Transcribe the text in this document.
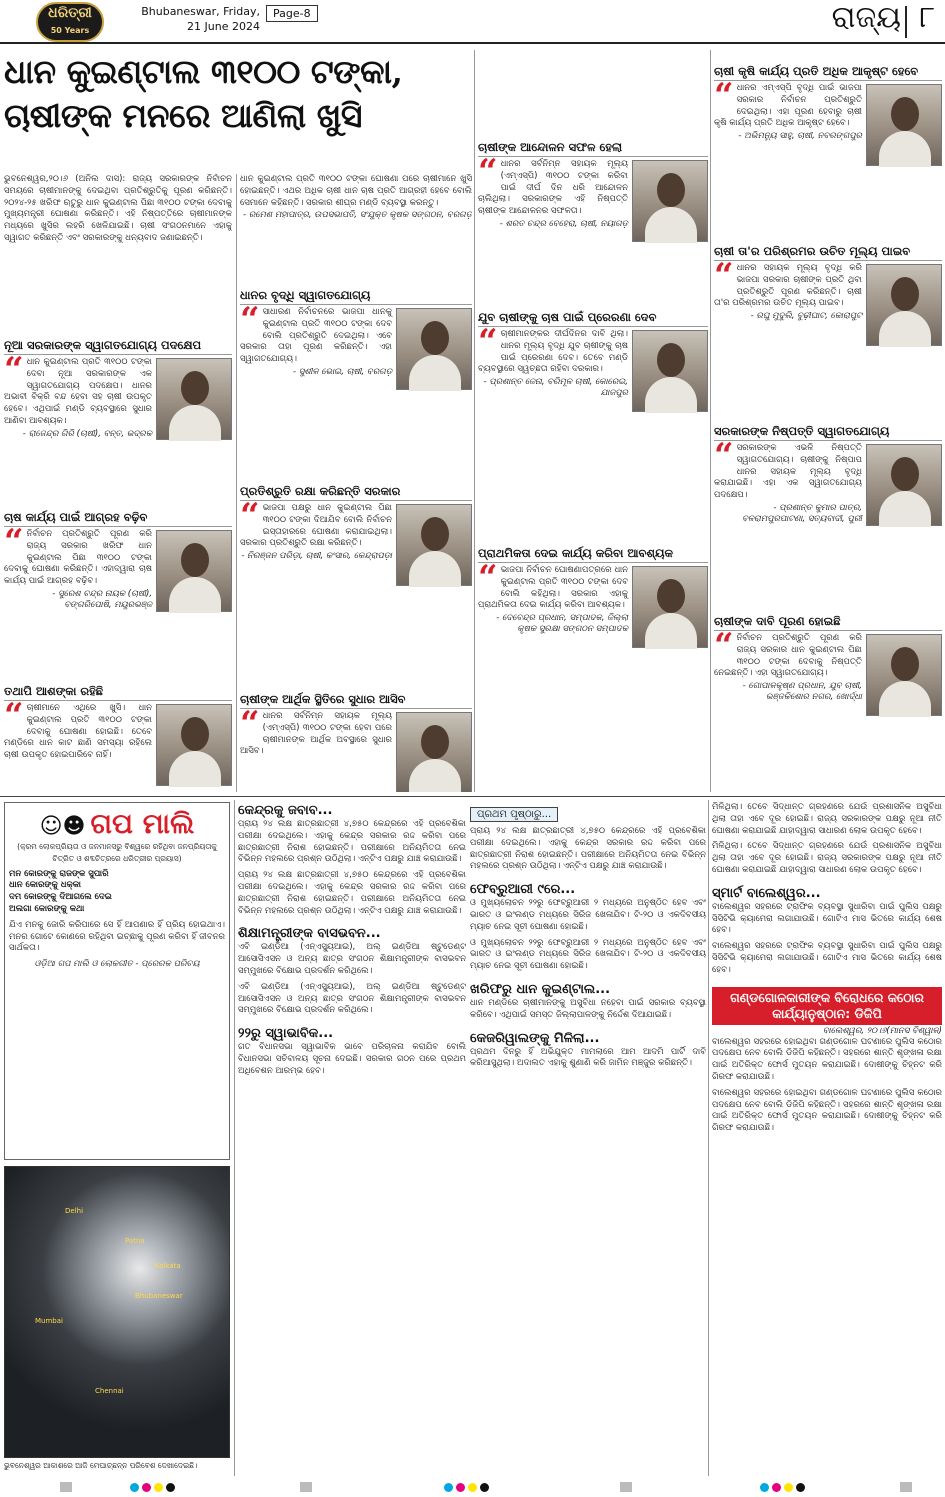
ଧରିତ୍ରୀ
50 Years
Bhubaneswar, Friday,
21 June 2024
Page-8	ରାଜ୍ୟ ୮
ଧାନ କୁଇଣ୍ଟାଲ ୩୧୦୦ ଟଙ୍କା,
ଚାଷୀଙ୍କ ମନରେ ଆଣିଲା ଖୁସି
ଭୁବନେଶ୍ୱର,୨୦।୬ (ଅନିଲ ଦାସ): ରାଜ୍ୟ ସରକାରଙ୍କ ନିର୍ବାଚନ ସମୟରେ ଚାଷୀମାନଙ୍କୁ ଦେଇଥିବା ପ୍ରତିଶ୍ରୁତିକୁ ପୂରଣ କରିଛନ୍ତି। ୨୦୨୪-୨୫ ଖରିଫ ଋତୁରୁ ଧାନ କୁଇଣ୍ଟାଲ ପିଛା ୩୧୦୦ ଟଙ୍କା ଦେବାକୁ ମୁଖ୍ୟମନ୍ତ୍ରୀ ଘୋଷଣା କରିଛନ୍ତି। ଏହି ନିଷ୍ପତ୍ତିରେ ଚାଷୀମାନଙ୍କ ମଧ୍ୟରେ ଖୁସିର ଲହରି ଖେଳିଯାଇଛି। ଚାଷୀ ସଂଗଠନମାନେ ଏହାକୁ ସ୍ୱାଗତ କରିଛନ୍ତି ଏବଂ ସରକାରଙ୍କୁ ଧନ୍ୟବାଦ ଜଣାଇଛନ୍ତି।
ଧାନ କୁଇଣ୍ଟାଲ ପ୍ରତି ୩୧୦୦ ଟଙ୍କା ଘୋଷଣା ପରେ ଚାଷୀମାନେ ଖୁସି ହୋଇଛନ୍ତି। ଏଥର ଅଧିକ ଚାଷୀ ଧାନ ଚାଷ ପ୍ରତି ଆଗ୍ରହୀ ହେବେ ବୋଲି ସେମାନେ କହିଛନ୍ତି। ସରକାର ଶୀଘ୍ର ମଣ୍ଡି ବ୍ୟବସ୍ଥା କରନ୍ତୁ।
- ରମେଶ ମହାପାତ୍ର, ଉପସଭାପତି, ସଂଯୁକ୍ତ କୃଷକ ସଙ୍ଗଠନ, ବରଗଡ଼
ନୂଆ ସରକାରଙ୍କ ସ୍ୱାଗତଯୋଗ୍ୟ ପଦକ୍ଷେପ
“ ଧାନ କୁଇଣ୍ଟାଲ ପ୍ରତି ୩୧୦୦ ଟଙ୍କା ଦେବା ନୂଆ ସରକାରଙ୍କ ଏକ ସ୍ୱାଗତଯୋଗ୍ୟ ପଦକ୍ଷେପ। ଧାନର ଅଭାବୀ ବିକ୍ରି ବନ୍ଦ ହେବା ସହ ଚାଷୀ ଉପକୃତ ହେବେ। ଏଥିପାଇଁ ମଣ୍ଡି ବ୍ୟବସ୍ଥାରେ ସୁଧାର ଆଣିବା ଆବଶ୍ୟକ।
- ରାଜେନ୍ଦ୍ର ଗିରି (ଚାଷୀ), ବନ୍ତ, ଭଦ୍ରକ
ଚାଷ କାର୍ଯ୍ୟ ପାଇଁ ଆଗ୍ରହ ବଢ଼ିବ
“ ନିର୍ବାଚନ ପ୍ରତିଶ୍ରୁତି ପୂରଣ କରି ରାଜ୍ୟ ସରକାର ଖରିଫ ଧାନ କୁଇଣ୍ଟାଲ ପିଛା ୩୧୦୦ ଟଙ୍କା ଦେବାକୁ ଘୋଷଣା କରିଛନ୍ତି। ଏହାଦ୍ୱାରା ଚାଷ କାର୍ଯ୍ୟ ପାଇଁ ଆଗ୍ରହ ବଢ଼ିବ।
- ସୁରେଶ ଚନ୍ଦ୍ର ନାୟକ (ଚାଷୀ), ବଙ୍ଗରିପୋଷି, ମୟୂରଭଞ୍ଜ
ତଥାପି ଆଶଙ୍କା ରହିଛି
“ ଚାଷୀମାନେ ଏଥିରେ ଖୁସି। ଧାନ କୁଇଣ୍ଟାଲ ପ୍ରତି ୩୧୦୦ ଟଙ୍କା ଦେବାକୁ ଘୋଷଣା ହୋଇଛି। ତେବେ ମଣ୍ଡିରେ ଧାନ କାଟ ଛାଣି ସମସ୍ୟା ରହିଲେ ଚାଷୀ ଉପକୃତ ହୋଇପାରିବେ ନାହିଁ।
ଧାନର ବୃଦ୍ଧି ସ୍ୱାଗତଯୋଗ୍ୟ
“ ସାଧାରଣ ନିର୍ବାଚନରେ ଭାଜପା ଧାନକୁ କୁଇଣ୍ଟାଲ ପ୍ରତି ୩୧୦୦ ଟଙ୍କା ଦେବ ବୋଲି ପ୍ରତିଶ୍ରୁତି ଦେଇଥିଲା। ଏବେ ସରକାର ତାହା ପୂରଣ କରିଛନ୍ତି। ଏହା ସ୍ୱାଗତଯୋଗ୍ୟ।
- ସୁଶୀଳ ଭୋଇ, ଚାଷୀ, ବରଗଡ଼
ପ୍ରତିଶ୍ରୁତି ରକ୍ଷା କରିଛନ୍ତି ସରକାର
“ ଭାଜପା ପକ୍ଷରୁ ଧାନ କୁଇଣ୍ଟାଲ ପିଛା ୩୧୦୦ ଟଙ୍କା ଦିଆଯିବ ବୋଲି ନିର୍ବାଚନ ଇସ୍ତାହାରରେ ଘୋଷଣା କରାଯାଇଥିଲା। ସରକାର ପ୍ରତିଶ୍ରୁତି ରକ୍ଷା କରିଛନ୍ତି।
- ନିରଞ୍ଜନ ପରିଡ଼ା, ଚାଷୀ, କଂସାର, କେନ୍ଦ୍ରାପଡ଼ା
ଚାଷୀଙ୍କ ଆର୍ଥିକ ସ୍ଥିତିରେ ସୁଧାର ଆସିବ
“ ଧାନର ସର୍ବନିମ୍ନ ସହାୟକ ମୂଲ୍ୟ (ଏମ୍ଏସ୍ପି) ୩୧୦୦ ଟଙ୍କା ହେବା ପରେ ଚାଷୀମାନଙ୍କ ଆର୍ଥିକ ଅବସ୍ଥାରେ ସୁଧାର ଆସିବ।
ଚାଷୀଙ୍କ ଆନ୍ଦୋଳନ ସଫଳ ହେଲା
“ ଧାନର ସର୍ବନିମ୍ନ ସହାୟକ ମୂଲ୍ୟ (ଏମ୍ଏସ୍ପି) ୩୧୦୦ ଟଙ୍କା କରିବା ପାଇଁ ଦୀର୍ଘ ଦିନ ଧରି ଆନ୍ଦୋଳନ ଚାଲିଥିଲା। ସରକାରଙ୍କ ଏହି ନିଷ୍ପତ୍ତି ଚାଷୀଙ୍କ ଆନ୍ଦୋଳନର ସଫଳତା।
- ଶରତ ଚନ୍ଦ୍ର ବେହେରା, ଚାଷୀ, ନୟାଗଡ଼
ଯୁବ ଚାଷୀଙ୍କୁ ଚାଷ ପାଇଁ ପ୍ରେରଣା ଦେବ
“ ଚାଷୀମାନଙ୍କର ଦୀର୍ଘଦିନର ଦାବି ଥିଲା। ଧାନର ମୂଲ୍ୟ ବୃଦ୍ଧି ଯୁବ ଚାଷୀଙ୍କୁ ଚାଷ ପାଇଁ ପ୍ରେରଣା ଦେବ। ତେବେ ମଣ୍ଡି ବ୍ୟବସ୍ଥାରେ ସ୍ୱଚ୍ଛତା ରହିବା ଦରକାର।
- ପ୍ରଶାନ୍ତ ଜେନା, ବରିମୂଳ ଚାଷୀ, କୋରେଇ, ଯାଜପୁର
ପ୍ରାଥମିକତା ଦେଇ କାର୍ଯ୍ୟ କରିବା ଆବଶ୍ୟକ
“ ଭାଜପା ନିର୍ବାଚନ ଘୋଷଣାପତ୍ରରେ ଧାନ କୁଇଣ୍ଟାଲ ପ୍ରତି ୩୧୦୦ ଟଙ୍କା ଦେବ ବୋଲି କହିଥିଲା। ସରକାର ଏହାକୁ ପ୍ରାଥମିକତା ଦେଇ କାର୍ଯ୍ୟ କରିବା ଆବଶ୍ୟକ।
- ଦେବେନ୍ଦ୍ର ପ୍ରଧାନ, ସମ୍ପାଦକ, ଜିଲ୍ଲା କୃଷକ ସୁରକ୍ଷା ସଙ୍ଗଠନ ସମ୍ପାଦକ
ଚାଷୀ କୃଷି କାର୍ଯ୍ୟ ପ୍ରତି ଅଧିକ ଆକୃଷ୍ଟ ହେବେ
“ ଧାନର ଏମ୍ଏସ୍ପି ବୃଦ୍ଧି ପାଇଁ ଭାଜପା ସରକାର ନିର୍ବାଚନ ପ୍ରତିଶ୍ରୁତି ଦେଇଥିଲା। ଏହା ପୂରଣ ହେବାରୁ ଚାଷୀ କୃଷି କାର୍ଯ୍ୟ ପ୍ରତି ଅଧିକ ଆକୃଷ୍ଟ ହେବେ।
- ଅଭିମନ୍ୟୁ ସାହୁ, ଚାଷୀ, ନବରଙ୍ଗପୁର
ଚାଷୀ ତା'ର ପରିଶ୍ରମର ଉଚିତ ମୂଲ୍ୟ ପାଇବ
“ ଧାନର ସହାୟକ ମୂଲ୍ୟ ବୃଦ୍ଧି କରି ଭାଜପା ସରକାର ଚାଷୀଙ୍କ ପ୍ରତି ଥିବା ପ୍ରତିଶ୍ରୁତି ପୂରଣ କରିଛନ୍ତି। ଚାଷୀ ତା'ର ପରିଶ୍ରମର ଉଚିତ ମୂଲ୍ୟ ପାଇବ।
- ରଘୁ ମୁଦୁଲି, ବୁଢ଼ୀଘାଟ, କୋରାପୁଟ
ସରକାରଙ୍କ ନିଷ୍ପତ୍ତି ସ୍ୱାଗତଯୋଗ୍ୟ
“ ସରକାରଙ୍କ ଏଭଳି ନିଷ୍ପତ୍ତି ସ୍ୱାଗତଯୋଗ୍ୟ। ଚାଷୀଙ୍କୁ ନିଷ୍ପାପ ଧାନର ସହାୟକ ମୂଲ୍ୟ ବୃଦ୍ଧି କରାଯାଇଛି। ଏହା ଏକ ସ୍ୱାଗତଯୋଗ୍ୟ ପଦକ୍ଷେପ।
- ପ୍ରଶାନ୍ତ କୁମାର ପାତ୍ର, ବଳରାମପୁରପାଟଣା, ସତ୍ୟବାଦୀ, ପୁରୀ
ଚାଷୀଙ୍କ ଦାବି ପୂରଣ ହୋଇଛି
“ ନିର୍ବାଚନ ପ୍ରତିଶ୍ରୁତି ପୂରଣ କରି ରାଜ୍ୟ ସରକାର ଧାନ କୁଇଣ୍ଟାଲ ପିଛା ୩୧୦୦ ଟଙ୍କା ଦେବାକୁ ନିଷ୍ପତ୍ତି ନେଇଛନ୍ତି। ଏହା ସ୍ୱାଗତଯୋଗ୍ୟ।
- ଗୋପାଳକୃଷ୍ଣ ପ୍ରଧାନ, ଯୁବ ଚାଷୀ, ଭଞ୍ଜକିଶୋର ନଗର, ଖୋର୍ଦ୍ଧା
☺☻ ଗପ ମାଲି
(କ୍ରମ ଲୋକପ୍ରିୟତା ଓ ଜନମାନସରୁ ବିଶ୍ୱରେ ରହିଥିବା ଜନପ୍ରିୟତାକୁ ଚିତ୍ରିତ ଓ ଶବ୍ଦଚିତ୍ରରେ ଧରିତ୍ରୀର ପ୍ରୟାସ)
ମନ କୋରଙ୍କୁ ରାଜଙ୍କ ସୁପାରି
ଧାନ କୋରଙ୍କୁ ଧକ୍କା
ଦମ କୋରଙ୍କୁ ଦିଆଗଲେ ଦେଇ
ଅଲଗା କୋରଙ୍କୁ କଥା
ଯିଏ ମନକୁ ଜୋରି କରିପାରେ ସେ ହିଁ ଆପଣାର ହିଁ ପ୍ରିୟ ହୋଇଥାଏ। ମନର ଗୋଟେ କୋଣରେ ରହିଥିବା ଇଚ୍ଛାକୁ ପୂରଣ କରିବା ହିଁ ଜୀବନର ସାର୍ଥକତା।
ଓଡ଼ିଆ ଗପ ମାଲି ଓ ଲୋକଗୀତ - ପ୍ରେରକ ପରିଚୟ
Delhi
Patna
Kolkata
Bhubaneswar
Mumbai
Chennai
ଭୁବନେଶ୍ୱର ଆକାଶରେ ଆଜି ମେଘାଚ୍ଛନ୍ନ ପରିବେଶ ଦେଖାଦେଇଛି।
କେନ୍ଦ୍ରକୁ ଜବାବ...
ପ୍ରାୟ ୨୪ ଲକ୍ଷ ଛାତ୍ରଛାତ୍ରୀ ୪,୭୫୦ କେନ୍ଦ୍ରରେ ଏହି ପ୍ରବେଶିକା ପରୀକ୍ଷା ଦେଇଥିଲେ। ଏହାକୁ କେନ୍ଦ୍ର ସରକାର ରଦ୍ଦ କରିବା ପରେ ଛାତ୍ରଛାତ୍ରୀ ନିରାଶ ହୋଇଛନ୍ତି। ପରୀକ୍ଷାରେ ଅନିୟମିତତା ନେଇ ବିଭିନ୍ନ ମହଲରେ ପ୍ରଶ୍ନ ଉଠିଥିଲା। ଏନ୍ଟିଏ ପକ୍ଷରୁ ଯାଞ୍ଚ କରାଯାଉଛି।
ପ୍ରାୟ ୨୪ ଲକ୍ଷ ଛାତ୍ରଛାତ୍ରୀ ୪,୭୫୦ କେନ୍ଦ୍ରରେ ଏହି ପ୍ରବେଶିକା ପରୀକ୍ଷା ଦେଇଥିଲେ। ଏହାକୁ କେନ୍ଦ୍ର ସରକାର ରଦ୍ଦ କରିବା ପରେ ଛାତ୍ରଛାତ୍ରୀ ନିରାଶ ହୋଇଛନ୍ତି। ପରୀକ୍ଷାରେ ଅନିୟମିତତା ନେଇ ବିଭିନ୍ନ ମହଲରେ ପ୍ରଶ୍ନ ଉଠିଥିଲା। ଏନ୍ଟିଏ ପକ୍ଷରୁ ଯାଞ୍ଚ କରାଯାଉଛି।
ଶିକ୍ଷାମନ୍ତ୍ରୀଙ୍କ ବାସଭବନ...
ଏବି ଇଣ୍ଡିଆ (ଏନ୍ଏସ୍ୟୁଆଇ), ଅଲ୍ ଇଣ୍ଡିଆ ଷ୍ଟୁଡେଣ୍ଟ ଆସୋସିଏସନ ଓ ଅନ୍ୟ ଛାତ୍ର ସଂଗଠନ ଶିକ୍ଷାମନ୍ତ୍ରୀଙ୍କ ବାସଭବନ ସମ୍ମୁଖରେ ବିକ୍ଷୋଭ ପ୍ରଦର୍ଶନ କରିଥିଲେ।
ଏବି ଇଣ୍ଡିଆ (ଏନ୍ଏସ୍ୟୁଆଇ), ଅଲ୍ ଇଣ୍ଡିଆ ଷ୍ଟୁଡେଣ୍ଟ ଆସୋସିଏସନ ଓ ଅନ୍ୟ ଛାତ୍ର ସଂଗଠନ ଶିକ୍ଷାମନ୍ତ୍ରୀଙ୍କ ବାସଭବନ ସମ୍ମୁଖରେ ବିକ୍ଷୋଭ ପ୍ରଦର୍ଶନ କରିଥିଲେ।
୨୨ରୁ ସ୍ୱାଭାବିକ...
ଗତ ବିଧାନସଭା ସ୍ୱାଭାବିକ ଭାବେ ପରିଚାଳନା କରାଯିବ ବୋଲି ବିଧାନସଭା ସଚିବାଳୟ ସୂଚନା ଦେଇଛି। ସରକାର ଗଠନ ପରେ ପ୍ରଥମ ଅଧିବେଶନ ଆରମ୍ଭ ହେବ।
ପ୍ରଥମ ପୃଷ୍ଠାରୁ...
ପ୍ରାୟ ୨୪ ଲକ୍ଷ ଛାତ୍ରଛାତ୍ରୀ ୪,୭୫୦ କେନ୍ଦ୍ରରେ ଏହି ପ୍ରବେଶିକା ପରୀକ୍ଷା ଦେଇଥିଲେ। ଏହାକୁ କେନ୍ଦ୍ର ସରକାର ରଦ୍ଦ କରିବା ପରେ ଛାତ୍ରଛାତ୍ରୀ ନିରାଶ ହୋଇଛନ୍ତି। ପରୀକ୍ଷାରେ ଅନିୟମିତତା ନେଇ ବିଭିନ୍ନ ମହଲରେ ପ୍ରଶ୍ନ ଉଠିଥିଲା। ଏନ୍ଟିଏ ପକ୍ଷରୁ ଯାଞ୍ଚ କରାଯାଉଛି।
ଫେବ୍ରୁଆରୀ ୯ରେ...
ଓ ମୁଖ୍ୟଲୋଚନ ୨୨ରୁ ଫେବ୍ରୁଆରୀ ୨ ମଧ୍ୟରେ ଅନୁଷ୍ଠିତ ହେବ ଏବଂ ଭାରତ ଓ ଇଂଲଣ୍ଡ ମଧ୍ୟରେ ସିରିଜ ଖେଳାଯିବ। ଟି-୨୦ ଓ ଏକଦିବସୀୟ ମ୍ୟାଚ ନେଇ ସୂଚୀ ଘୋଷଣା ହୋଇଛି।
ଓ ମୁଖ୍ୟଲୋଚନ ୨୨ରୁ ଫେବ୍ରୁଆରୀ ୨ ମଧ୍ୟରେ ଅନୁଷ୍ଠିତ ହେବ ଏବଂ ଭାରତ ଓ ଇଂଲଣ୍ଡ ମଧ୍ୟରେ ସିରିଜ ଖେଳାଯିବ। ଟି-୨୦ ଓ ଏକଦିବସୀୟ ମ୍ୟାଚ ନେଇ ସୂଚୀ ଘୋଷଣା ହୋଇଛି।
ଖରିଫରୁ ଧାନ କୁଇଣ୍ଟାଲ...
ଧାନ ମଣ୍ଡିରେ ଚାଷୀମାନଙ୍କୁ ଅସୁବିଧା ନହେବା ପାଇଁ ସରକାର ବ୍ୟବସ୍ଥା କରିବେ। ଏଥିପାଇଁ ସମସ୍ତ ଜିଲ୍ଲାପାଳଙ୍କୁ ନିର୍ଦ୍ଦେଶ ଦିଆଯାଇଛି।
କେଜରିୱାଲଙ୍କୁ ମିଳିଲା...
ପ୍ରଥମ ଦିନରୁ ହିଁ ଅଭିଯୁକ୍ତ ମାମଲାରେ ଆମ ଆଦମି ପାର୍ଟି ଦାବି କରିଆସୁଥିଲା। ଅଦାଲତ ଏହାକୁ ଶୁଣାଣି କରି ଜାମିନ ମଞ୍ଜୁର କରିଛନ୍ତି।
ମିଳିଥିଲା। ତେବେ ସିଦ୍ଧାନ୍ତ ଗ୍ରହଣରେ ଯେଉଁ ପ୍ରଶାସନିକ ଅସୁବିଧା ଥିଲା ତାହା ଏବେ ଦୂର ହୋଇଛି। ରାଜ୍ୟ ସରକାରଙ୍କ ପକ୍ଷରୁ ନୂଆ ନୀତି ଘୋଷଣା କରାଯାଇଛି ଯାହାଦ୍ୱାରା ସାଧାରଣ ଲୋକ ଉପକୃତ ହେବେ।
ମିଳିଥିଲା। ତେବେ ସିଦ୍ଧାନ୍ତ ଗ୍ରହଣରେ ଯେଉଁ ପ୍ରଶାସନିକ ଅସୁବିଧା ଥିଲା ତାହା ଏବେ ଦୂର ହୋଇଛି। ରାଜ୍ୟ ସରକାରଙ୍କ ପକ୍ଷରୁ ନୂଆ ନୀତି ଘୋଷଣା କରାଯାଇଛି ଯାହାଦ୍ୱାରା ସାଧାରଣ ଲୋକ ଉପକୃତ ହେବେ।
ସ୍ମାର୍ଟ ବାଲେଶ୍ୱର...
ବାଲେଶ୍ୱର ସହରରେ ଟ୍ରାଫିକ ବ୍ୟବସ୍ଥା ସୁଧାରିବା ପାଇଁ ପୁଲିସ ପକ୍ଷରୁ ସିସିଟିଭି କ୍ୟାମେରା ଲଗାଯାଉଛି। ଗୋଟିଏ ମାସ ଭିତରେ କାର୍ଯ୍ୟ ଶେଷ ହେବ।
ବାଲେଶ୍ୱର ସହରରେ ଟ୍ରାଫିକ ବ୍ୟବସ୍ଥା ସୁଧାରିବା ପାଇଁ ପୁଲିସ ପକ୍ଷରୁ ସିସିଟିଭି କ୍ୟାମେରା ଲଗାଯାଉଛି। ଗୋଟିଏ ମାସ ଭିତରେ କାର୍ଯ୍ୟ ଶେଷ ହେବ।
ଗଣ୍ଡଗୋଳକାରୀଙ୍କ ବିରୋଧରେ କଠୋର କାର୍ଯ୍ୟାନୁଷ୍ଠାନ: ଡିଜିପି
ବାଲେଶ୍ୱର, ୨୦।୬(ମାନସ ବିଶ୍ୱାଳ)
ବାଲେଶ୍ୱର ସହରରେ ହୋଇଥିବା ଗଣ୍ଡଗୋଳ ଘଟଣାରେ ପୁଲିସ କଠୋର ପଦକ୍ଷେପ ନେବ ବୋଲି ଡିଜିପି କହିଛନ୍ତି। ସହରରେ ଶାନ୍ତି ଶୃଙ୍ଖଳା ରକ୍ଷା ପାଇଁ ଅତିରିକ୍ତ ଫୋର୍ସ ମୁତୟନ କରାଯାଇଛି। ଦୋଷୀଙ୍କୁ ଚିହ୍ନଟ କରି ଗିରଫ କରାଯାଉଛି।
ବାଲେଶ୍ୱର ସହରରେ ହୋଇଥିବା ଗଣ୍ଡଗୋଳ ଘଟଣାରେ ପୁଲିସ କଠୋର ପଦକ୍ଷେପ ନେବ ବୋଲି ଡିଜିପି କହିଛନ୍ତି। ସହରରେ ଶାନ୍ତି ଶୃଙ୍ଖଳା ରକ୍ଷା ପାଇଁ ଅତିରିକ୍ତ ଫୋର୍ସ ମୁତୟନ କରାଯାଇଛି। ଦୋଷୀଙ୍କୁ ଚିହ୍ନଟ କରି ଗିରଫ କରାଯାଉଛି।
